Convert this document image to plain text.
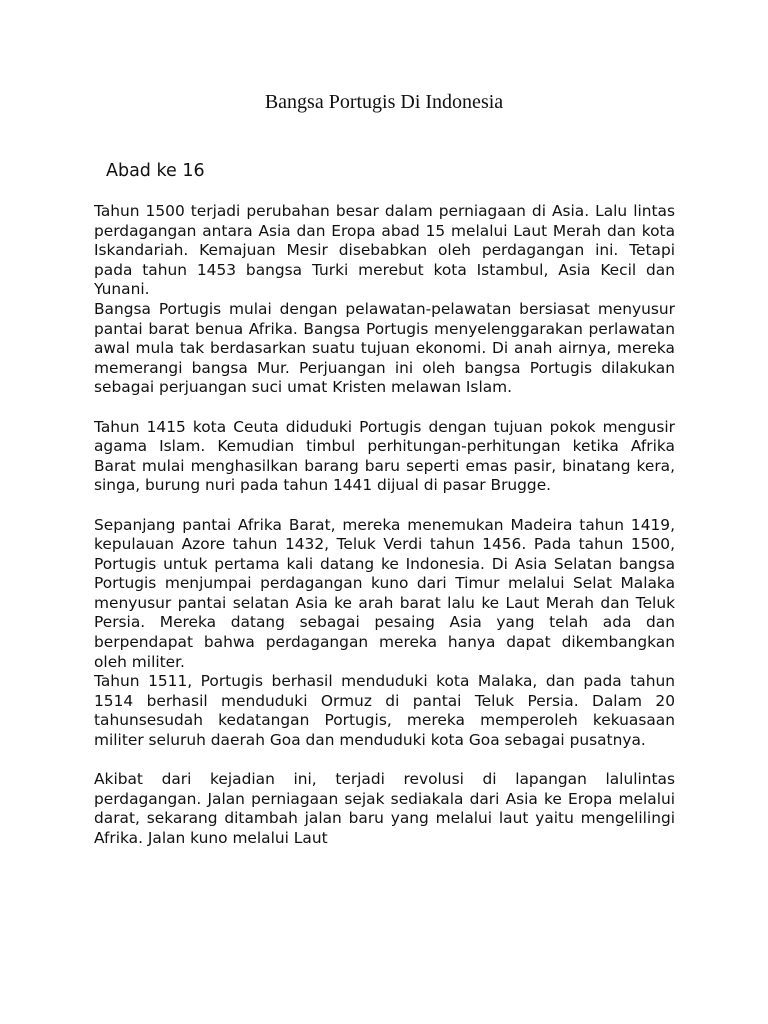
Bangsa Portugis Di Indonesia
Abad ke 16

Tahun 1500 terjadi perubahan besar dalam perniagaan di Asia. Lalu lintas perdagangan antara Asia dan Eropa abad 15 melalui Laut Merah dan kota Iskandariah. Kemajuan Mesir disebabkan oleh perdagangan ini. Tetapi pada tahun 1453 bangsa Turki merebut kota Istambul, Asia Kecil dan Yunani.

Bangsa Portugis mulai dengan pelawatan-pelawatan bersiasat menyusur pantai barat benua Afrika. Bangsa Portugis menyelenggarakan perlawatan awal mula tak berdasarkan suatu tujuan ekonomi. Di anah airnya, mereka memerangi bangsa Mur. Perjuangan ini oleh bangsa Portugis dilakukan sebagai perjuangan suci umat Kristen melawan Islam.

Tahun 1415 kota Ceuta diduduki Portugis dengan tujuan pokok mengusir agama Islam. Kemudian timbul perhitungan-perhitungan ketika Afrika Barat mulai menghasilkan barang baru seperti emas pasir, binatang kera, singa, burung nuri pada tahun 1441 dijual di pasar Brugge.

Sepanjang pantai Afrika Barat, mereka menemukan Madeira tahun 1419, kepulauan Azore tahun 1432, Teluk Verdi tahun 1456. Pada tahun 1500, Portugis untuk pertama kali datang ke Indonesia. Di Asia Selatan bangsa Portugis menjumpai perdagangan kuno dari Timur melalui Selat Malaka menyusur pantai selatan Asia ke arah barat lalu ke Laut Merah dan Teluk Persia. Mereka datang sebagai pesaing Asia yang telah ada dan berpendapat bahwa perdagangan mereka hanya dapat dikembangkan oleh militer.

Tahun 1511, Portugis berhasil menduduki kota Malaka, dan pada tahun 1514 berhasil menduduki Ormuz di pantai Teluk Persia. Dalam 20 tahunsesudah kedatangan Portugis, mereka memperoleh kekuasaan militer seluruh daerah Goa dan menduduki kota Goa sebagai pusatnya.

Akibat dari kejadian ini, terjadi revolusi di lapangan lalulintas perdagangan. Jalan perniagaan sejak sediakala dari Asia ke Eropa melalui darat, sekarang ditambah jalan baru yang melalui laut yaitu mengelilingi Afrika. Jalan kuno melalui Laut
